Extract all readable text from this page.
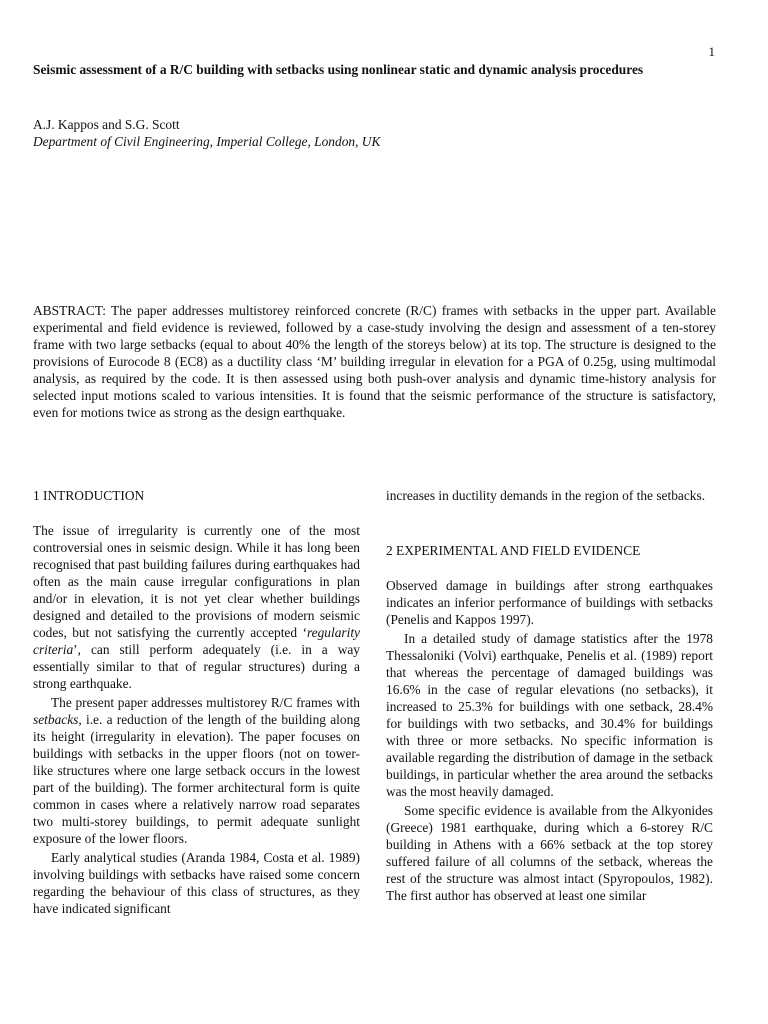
1
Seismic assessment of a R/C building with setbacks using nonlinear static and dynamic analysis procedures
A.J. Kappos and S.G. Scott
Department of Civil Engineering, Imperial College, London, UK

ABSTRACT: The paper addresses multistorey reinforced concrete (R/C) frames with setbacks in the upper part. Available experimental and field evidence is reviewed, followed by a case-study involving the design and assessment of a ten-storey frame with two large setbacks (equal to about 40% the length of the storeys below) at its top. The structure is designed to the provisions of Eurocode 8 (EC8) as a ductility class ‘M’ building irregular in elevation for a PGA of 0.25g, using multimodal analysis, as required by the code. It is then assessed using both push-over analysis and dynamic time-history analysis for selected input motions scaled to various intensities. It is found that the seismic performance of the structure is satisfactory, even for motions twice as strong as the design earthquake.

1 INTRODUCTION

The issue of irregularity is currently one of the most controversial ones in seismic design. While it has long been recognised that past building failures during earthquakes had often as the main cause irregular configurations in plan and/or in elevation, it is not yet clear whether buildings designed and detailed to the provisions of modern seismic codes, but not satisfying the currently accepted ‘regularity criteria’, can still perform adequately (i.e. in a way essentially similar to that of regular structures) during a strong earthquake.

The present paper addresses multistorey R/C frames with setbacks, i.e. a reduction of the length of the building along its height (irregularity in elevation). The paper focuses on buildings with setbacks in the upper floors (not on tower-like structures where one large setback occurs in the lowest part of the building). The former architectural form is quite common in cases where a relatively narrow road separates two multi-storey buildings, to permit adequate sunlight exposure of the lower floors.

Early analytical studies (Aranda 1984, Costa et al. 1989) involving buildings with setbacks have raised some concern regarding the behaviour of this class of structures, as they have indicated significant

increases in ductility demands in the region of the setbacks.

2 EXPERIMENTAL AND FIELD EVIDENCE

Observed damage in buildings after strong earthquakes indicates an inferior performance of buildings with setbacks (Penelis and Kappos 1997).

In a detailed study of damage statistics after the 1978 Thessaloniki (Volvi) earthquake, Penelis et al. (1989) report that whereas the percentage of damaged buildings was 16.6% in the case of regular elevations (no setbacks), it increased to 25.3% for buildings with one setback, 28.4% for buildings with two setbacks, and 30.4% for buildings with three or more setbacks. No specific information is available regarding the distribution of damage in the setback buildings, in particular whether the area around the setbacks was the most heavily damaged.

Some specific evidence is available from the Alkyonides (Greece) 1981 earthquake, during which a 6-storey R/C building in Athens with a 66% setback at the top storey suffered failure of all columns of the setback, whereas the rest of the structure was almost intact (Spyropoulos, 1982). The first author has observed at least one similar
